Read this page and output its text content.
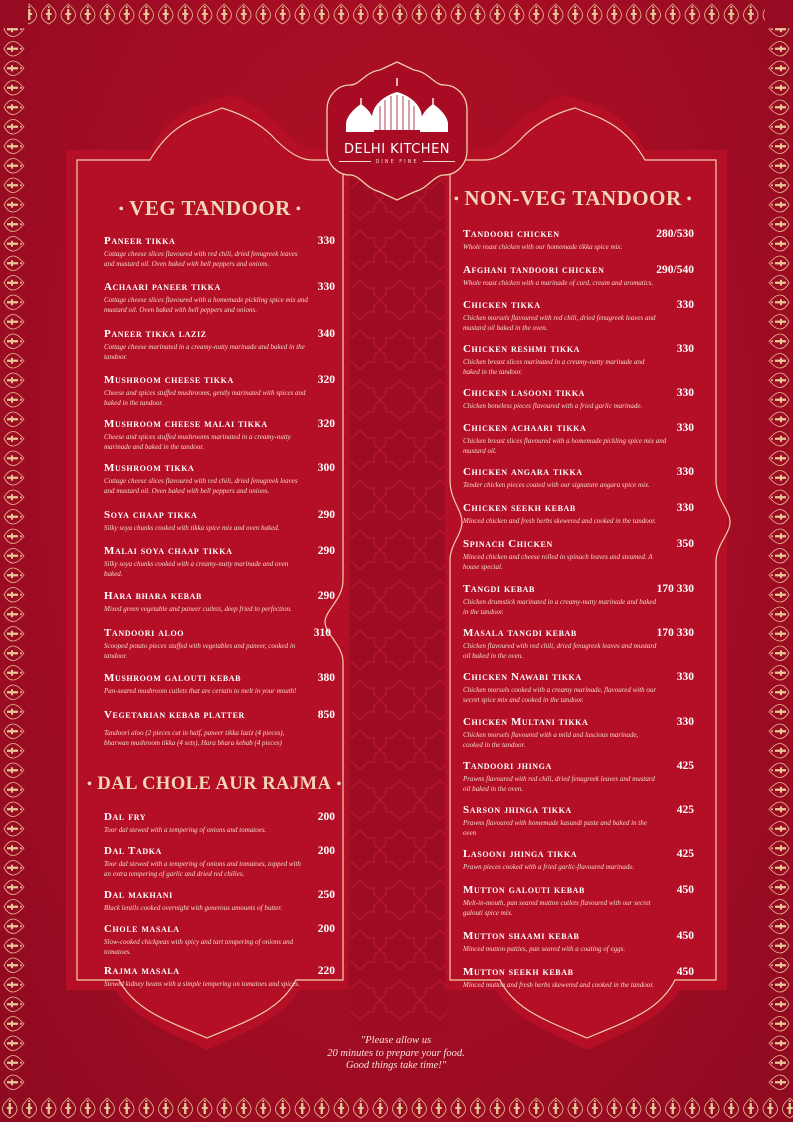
DELHI KITCHEN
DINE FINE
• VEG TANDOOR •
• DAL CHOLE AUR RAJMA •
• NON-VEG TANDOOR •
Paneer tikka	330
Cottage cheese slices flavoured with red chili, dried fenugreek leaves and mustard oil. Oven baked with bell peppers and onions.
Achaari paneer tikka	330
Cottage cheese slices flavoured with a homemade pickling spice mix and mustard oil. Oven baked with bell peppers and onions.
Paneer tikka laziz	340
Cottage cheese marinated in a creamy-nutty marinade and baked in the tandoor.
Mushroom cheese tikka	320
Cheese and spices stuffed mushrooms, gently marinated with spices and baked in the tandoor.
Mushroom cheese malai tikka	320
Cheese and spices stuffed mushrooms marinated in a creamy-nutty marinade and baked in the tandoor.
Mushroom tikka	300
Cottage cheese slices flavoured with red chili, dried fenugreek leaves and mustard oil. Oven baked with bell peppers and onions.
Soya chaap tikka	290
Silky soya chunks cooked with tikka spice mix and oven baked.
Malai soya chaap tikka	290
Silky soya chunks cooked with a creamy-nutty marinade and oven baked.
Hara bhara kebab	290
Mixed green vegetable and paneer cutlets, deep fried to perfection.
Tandoori aloo	310
Scooped potato pieces stuffed with vegetables and paneer, cooked in tandoor.
Mushroom galouti kebab	380
Pan-seared mushroom cutlets that are certain to melt in your mouth!
Vegetarian kebab platter	850
Tandoori aloo (2 pieces cut in half, paneer tikka laziz (4 pieces), bharwan mushroom tikka (4 sets), Hara bhara kebab (4 pieces)
Dal fry	200
Toor dal stewed with a tempering of onions and tomatoes.
Dal Tadka	200
Toor dal stewed with a tempering of onions and tomatoes, topped with an extra tempering of garlic and dried red chilies.
Dal makhani	250
Black lentils cooked overnight with generous amounts of butter.
Chole masala	200
Slow-cooked chickpeas with spicy and tart tempering of onions and tomatoes.
Rajma masala	220
Stewed kidney beans with a simple tempering on tomatoes and spices.
Tandoori chicken	280/530
Whole roast chicken with our homemade tikka spice mix.
Afghani tandoori chicken	290/540
Whole roast chicken with a marinade of curd, cream and aromatics.
Chicken tikka	330
Chicken morsels flavoured with red chili, dried fenugreek leaves and mustard oil baked in the oven.
Chicken reshmi tikka	330
Chicken breast slices marinated in a creamy-nutty marinade and baked in the tandoor.
Chicken lasooni tikka	330
Chicken boneless pieces flavoured with a fried garlic marinade.
Chicken achaari tikka	330
Chicken breast slices flavoured with a homemade pickling spice mix and mustard oil.
Chicken angara tikka	330
Tender chicken pieces coated with our signature angara spice mix.
Chicken seekh kebab	330
Minced chicken and fresh herbs skewered and cooked in the tandoor.
Spinach Chicken	350
Minced chicken and cheese rolled in spinach leaves and steamed. A house special.
Tangdi kebab	170 330
Chicken drumstick marinated in a creamy-nutty marinade and baked in the tandoor.
Masala tangdi kebab	170 330
Chicken flavoured with red chili, dried fenugreek leaves and mustard oil baked in the oven.
Chicken Nawabi tikka	330
Chicken morsels cooked with a creamy marinade, flavoured with our secret spice mix and cooked in the tandoor.
Chicken Multani tikka	330
Chicken morsels flavoured with a mild and luscious marinade, cooked in the tandoor.
Tandoori jhinga	425
Prawns flavoured with red chili, dried fenugreek leaves and mustard oil baked in the oven.
Sarson jhinga tikka	425
Prawns flavoured with homemade kasundi paste and baked in the oven
Lasooni jhinga tikka	425
Prawn pieces cooked with a fried garlic-flavoured marinade.
Mutton galouti kebab	450
Melt-in-mouth, pan seared mutton cutlets flavoured with our secret galouti spice mix.
Mutton shaami kebab	450
Minced mutton patties, pan seared with a coating of eggs.
Mutton seekh kebab	450
Minced mutton and fresh herbs skewered and cooked in the tandoor.
"Please allow us
20 minutes to prepare your food.
Good things take time!"
